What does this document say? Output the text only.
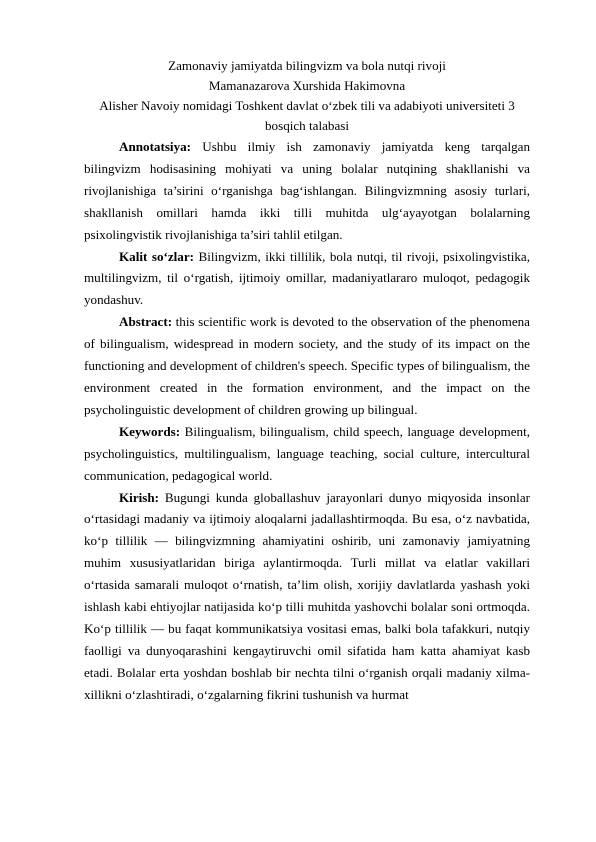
Zamonaviy jamiyatda bilingvizm va bola nutqi rivoji

Mamanazarova Xurshida Hakimovna

Alisher Navoiy nomidagi Toshkent davlat o‘zbek tili va adabiyoti universiteti 3 bosqich talabasi

Annotatsiya: Ushbu ilmiy ish zamonaviy jamiyatda keng tarqalgan bilingvizm hodisasining mohiyati va uning bolalar nutqining shakllanishi va rivojlanishiga ta’sirini o‘rganishga bag‘ishlangan. Bilingvizmning asosiy turlari, shakllanish omillari hamda ikki tilli muhitda ulg‘ayayotgan bolalarning psixolingvistik rivojlanishiga ta’siri tahlil etilgan.

Kalit so‘zlar: Bilingvizm, ikki tillilik, bola nutqi, til rivoji, psixolingvistika, multilingvizm, til o‘rgatish, ijtimoiy omillar, madaniyatlararo muloqot, pedagogik yondashuv.

Abstract: this scientific work is devoted to the observation of the phenomena of bilingualism, widespread in modern society, and the study of its impact on the functioning and development of children's speech. Specific types of bilingualism, the environment created in the formation environment, and the impact on the psycholinguistic development of children growing up bilingual.

Keywords: Bilingualism, bilingualism, child speech, language development, psycholinguistics, multilingualism, language teaching, social culture, intercultural communication, pedagogical world.

Kirish: Bugungi kunda globallashuv jarayonlari dunyo miqyosida insonlar o‘rtasidagi madaniy va ijtimoiy aloqalarni jadallashtirmoqda. Bu esa, o‘z navbatida, ko‘p tillilik — bilingvizmning ahamiyatini oshirib, uni zamonaviy jamiyatning muhim xususiyatlaridan biriga aylantirmoqda. Turli millat va elatlar vakillari o‘rtasida samarali muloqot o‘rnatish, ta’lim olish, xorijiy davlatlarda yashash yoki ishlash kabi ehtiyojlar natijasida ko‘p tilli muhitda yashovchi bolalar soni ortmoqda. Ko‘p tillilik — bu faqat kommunikatsiya vositasi emas, balki bola tafakkuri, nutqiy faolligi va dunyoqarashini kengaytiruvchi omil sifatida ham katta ahamiyat kasb etadi. Bolalar erta yoshdan boshlab bir nechta tilni o‘rganish orqali madaniy xilma-xillikni o‘zlashtiradi, o‘zgalarning fikrini tushunish va hurmat
